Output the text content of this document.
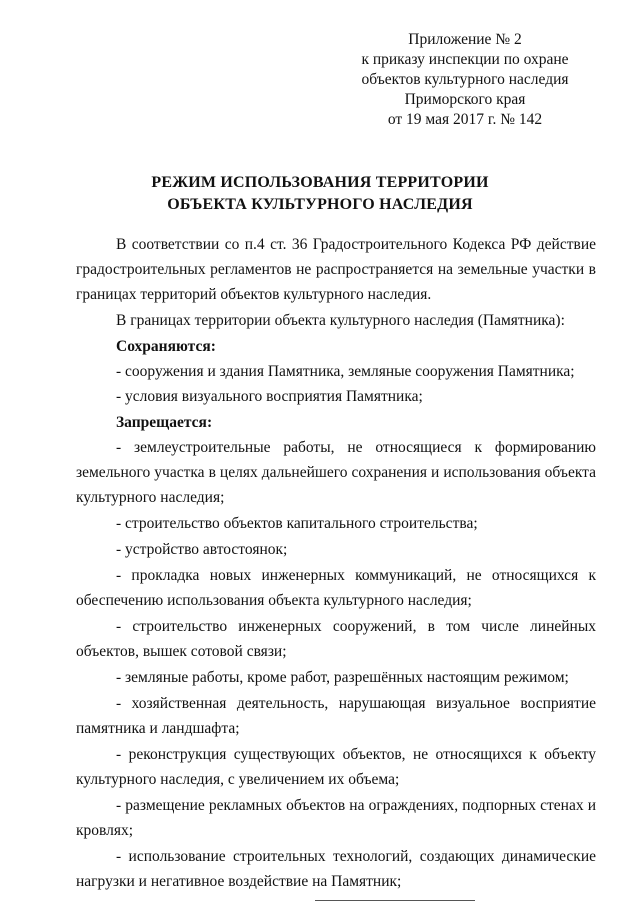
Приложение № 2
к приказу инспекции по охране
объектов культурного наследия
Приморского края
от 19 мая 2017 г. № 142
РЕЖИМ ИСПОЛЬЗОВАНИЯ ТЕРРИТОРИИ
ОБЪЕКТА КУЛЬТУРНОГО НАСЛЕДИЯ

В соответствии со п.4 ст. 36 Градостроительного Кодекса РФ действие градостроительных регламентов не распространяется на земельные участки в границах территорий объектов культурного наследия.

В границах территории объекта культурного наследия (Памятника):

Сохраняются:

- сооружения и здания Памятника, земляные сооружения Памятника;

- условия визуального восприятия Памятника;

Запрещается:

- землеустроительные работы, не относящиеся к формированию земельного участка в целях дальнейшего сохранения и использования объекта культурного наследия;

- строительство объектов капитального строительства;

- устройство автостоянок;

- прокладка новых инженерных коммуникаций, не относящихся к обеспечению использования объекта культурного наследия;

- строительство инженерных сооружений, в том числе линейных объектов, вышек сотовой связи;

- земляные работы, кроме работ, разрешённых настоящим режимом;

- хозяйственная деятельность, нарушающая визуальное восприятие памятника и ландшафта;

- реконструкция существующих объектов, не относящихся к объекту культурного наследия, с увеличением их объема;

- размещение рекламных объектов на ограждениях, подпорных стенах и кровлях;

- использование строительных технологий, создающих динамические нагрузки и негативное воздействие на Памятник;
